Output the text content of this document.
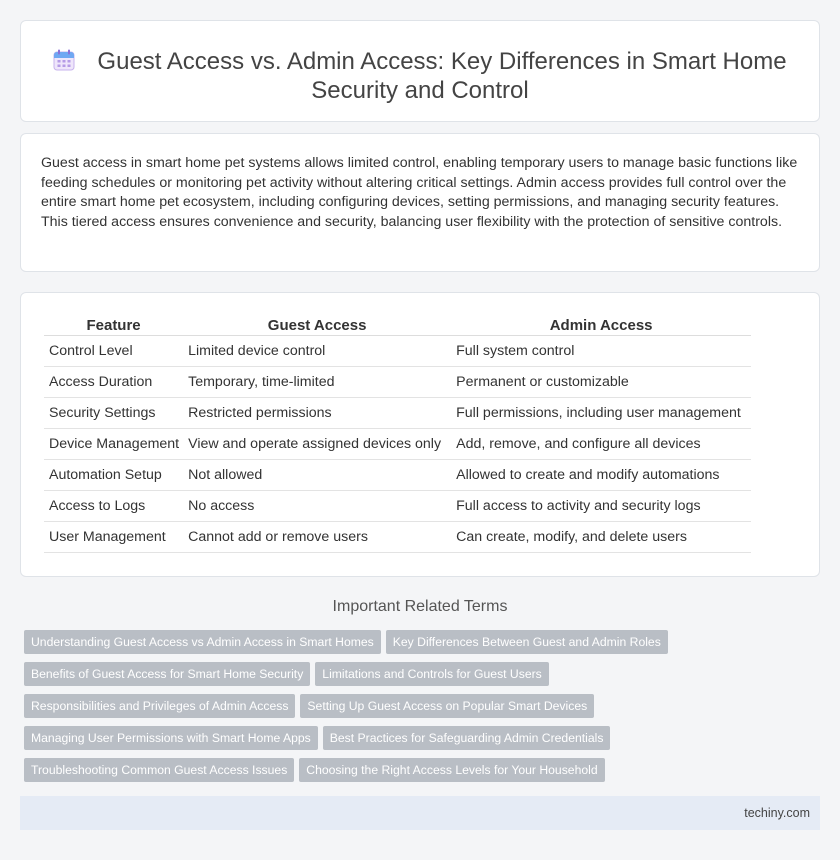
Guest Access vs. Admin Access: Key Differences in Smart Home
Security and Control

Guest access in smart home pet systems allows limited control, enabling temporary users to manage basic functions like feeding schedules or monitoring pet activity without altering critical settings. Admin access provides full control over the entire smart home pet ecosystem, including configuring devices, setting permissions, and managing security features. This tiered access ensures convenience and security, balancing user flexibility with the protection of sensitive controls.

Feature	Guest Access	Admin Access
Control Level	Limited device control	Full system control
Access Duration	Temporary, time-limited	Permanent or customizable
Security Settings	Restricted permissions	Full permissions, including user management
Device Management	View and operate assigned devices only	Add, remove, and configure all devices
Automation Setup	Not allowed	Allowed to create and modify automations
Access to Logs	No access	Full access to activity and security logs
User Management	Cannot add or remove users	Can create, modify, and delete users
Important Related Terms
Understanding Guest Access vs Admin Access in Smart Homes Key Differences Between Guest and Admin Roles
Benefits of Guest Access for Smart Home Security Limitations and Controls for Guest Users
Responsibilities and Privileges of Admin Access Setting Up Guest Access on Popular Smart Devices
Managing User Permissions with Smart Home Apps Best Practices for Safeguarding Admin Credentials
Troubleshooting Common Guest Access Issues Choosing the Right Access Levels for Your Household
techiny.com
